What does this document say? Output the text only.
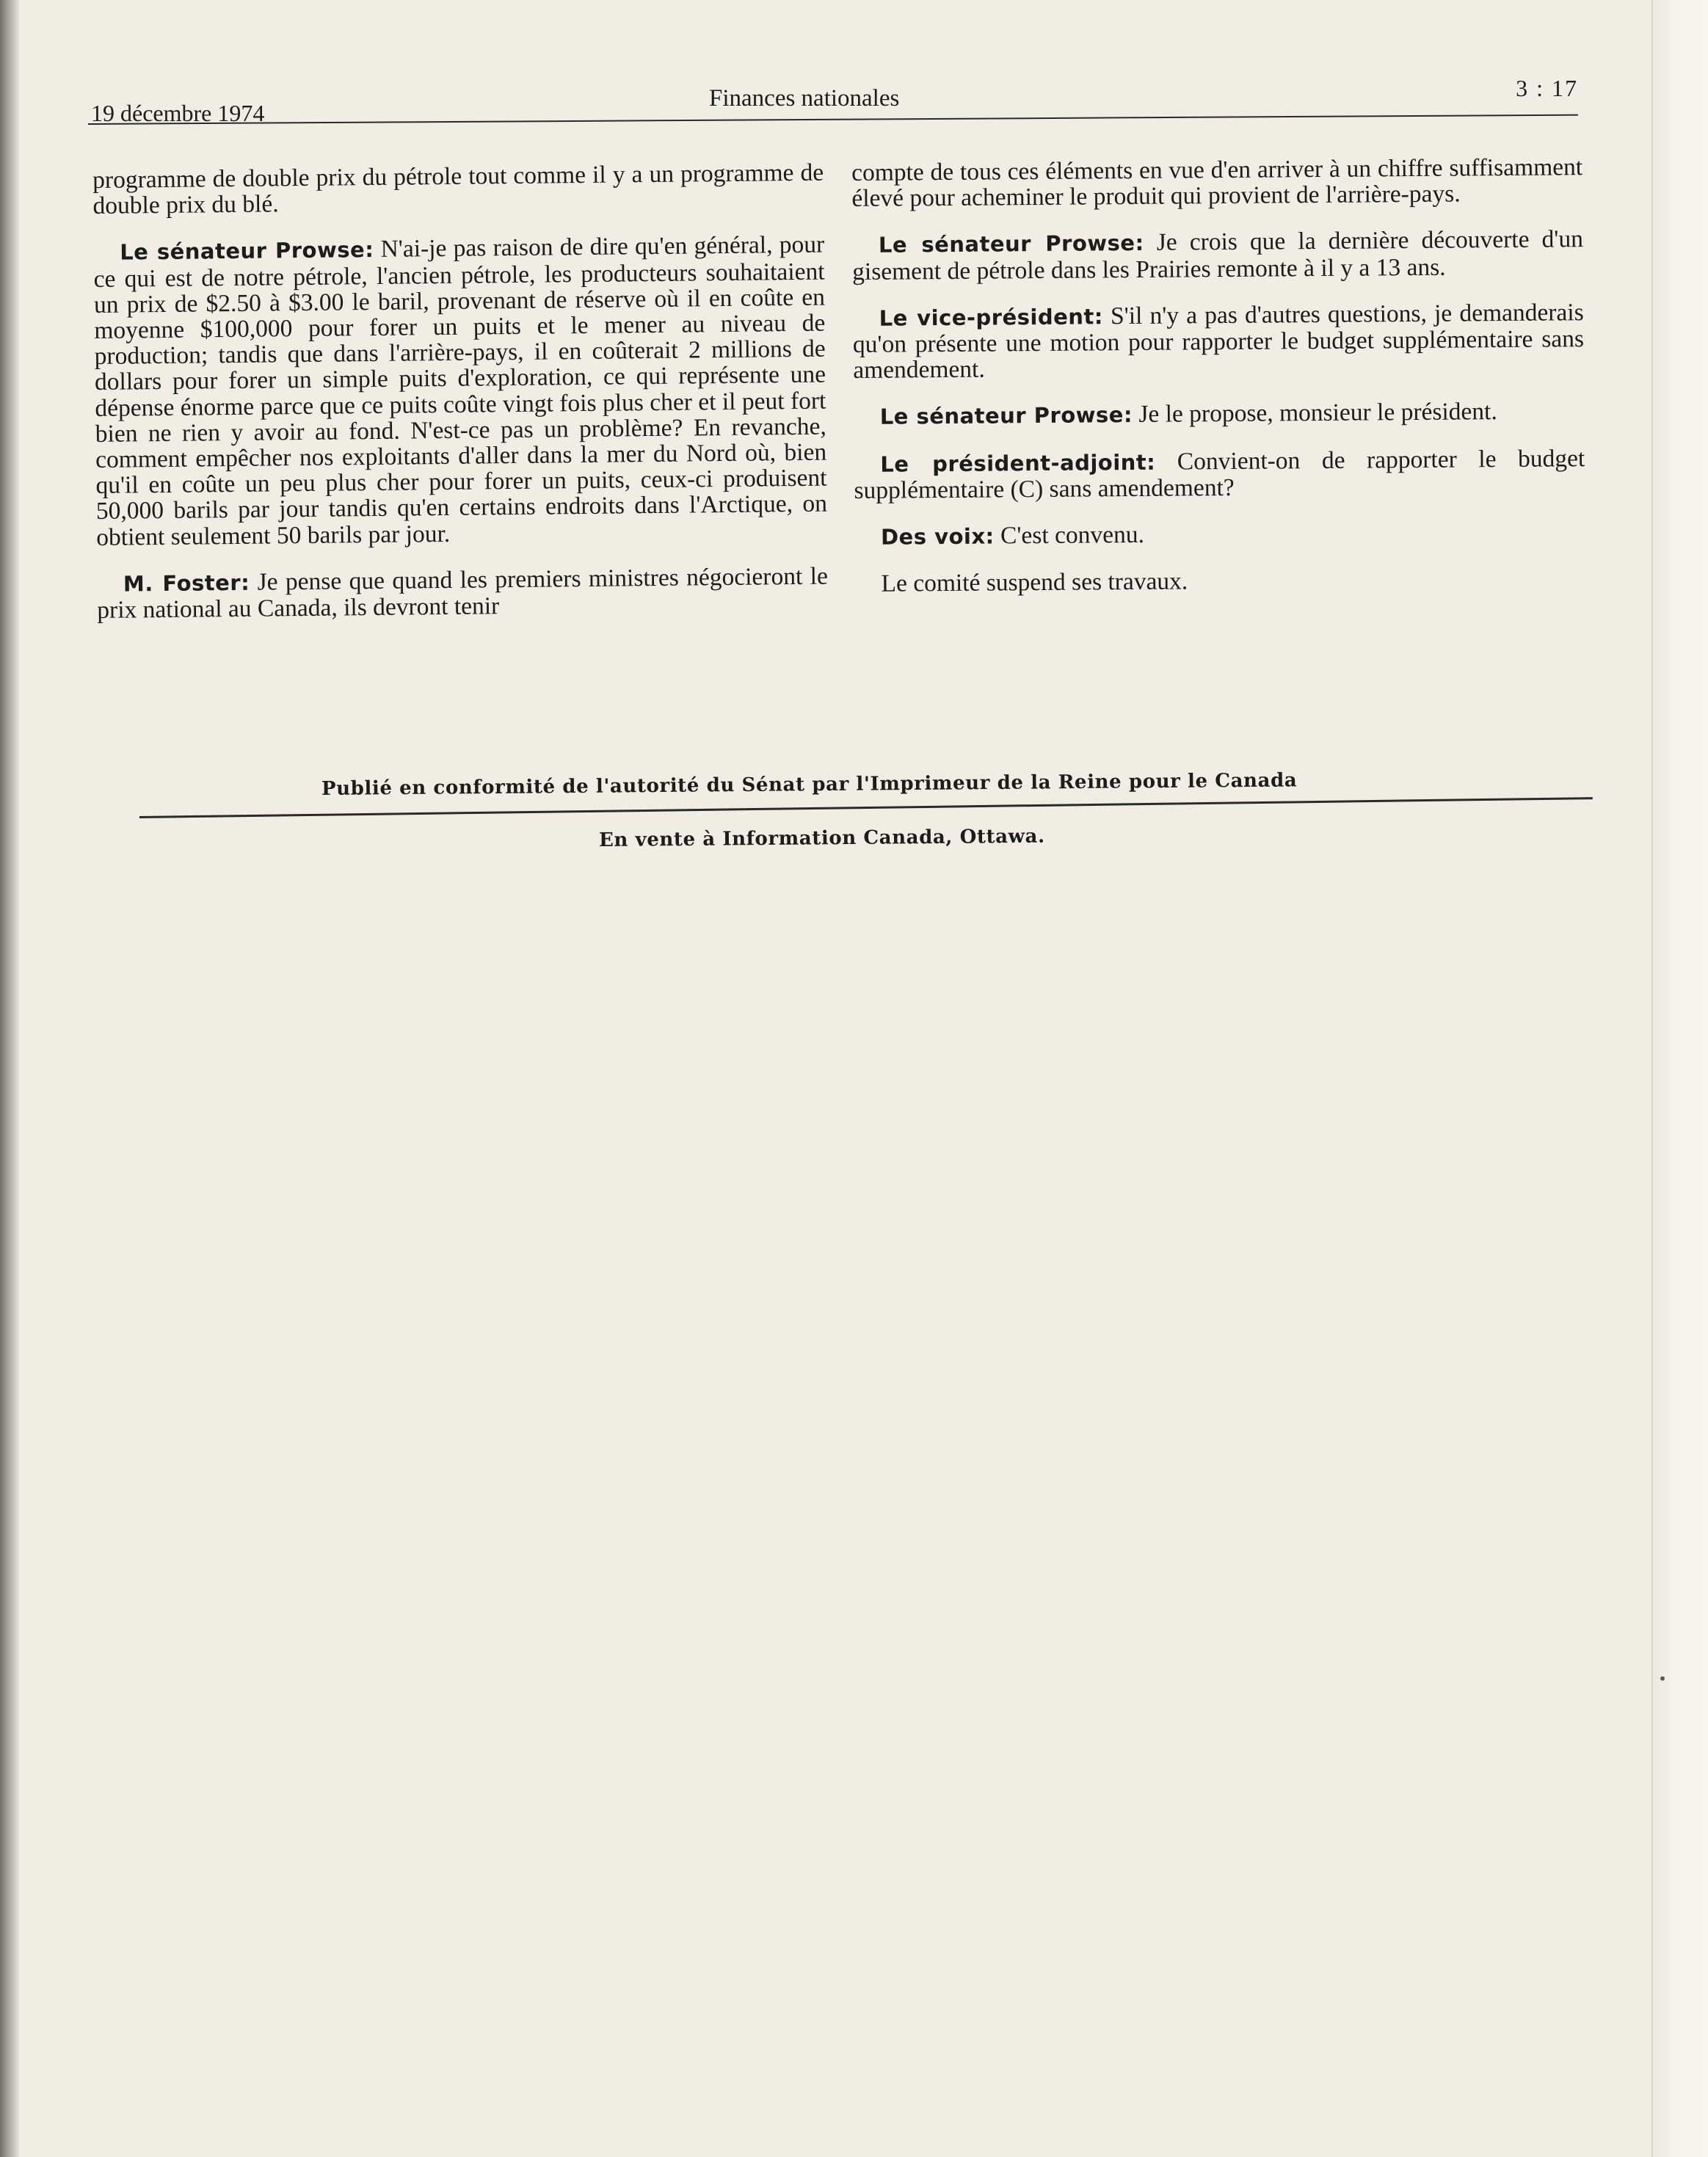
19 décembre 1974
Finances nationales	3 : 17

programme de double prix du pétrole tout comme il y a un programme de double prix du blé.

Le sénateur Prowse: N'ai-je pas raison de dire qu'en général, pour ce qui est de notre pétrole, l'ancien pétrole, les producteurs souhaitaient un prix de $2.50 à $3.00 le baril, provenant de réserve où il en coûte en moyenne $100,000 pour forer un puits et le mener au niveau de production; tandis que dans l'arrière-pays, il en coûterait 2 millions de dollars pour forer un simple puits d'exploration, ce qui représente une dépense énorme parce que ce puits coûte vingt fois plus cher et il peut fort bien ne rien y avoir au fond. N'est-ce pas un problème? En revanche, comment empêcher nos exploitants d'aller dans la mer du Nord où, bien qu'il en coûte un peu plus cher pour forer un puits, ceux-ci produisent 50,000 barils par jour tandis qu'en certains endroits dans l'Arctique, on obtient seulement 50 barils par jour.

M. Foster: Je pense que quand les premiers ministres négocieront le prix national au Canada, ils devront tenir

compte de tous ces éléments en vue d'en arriver à un chiffre suffisamment élevé pour acheminer le produit qui provient de l'arrière-pays.

Le sénateur Prowse: Je crois que la dernière découverte d'un gisement de pétrole dans les Prairies remonte à il y a 13 ans.

Le vice-président: S'il n'y a pas d'autres questions, je demanderais qu'on présente une motion pour rapporter le budget supplémentaire sans amendement.

Le sénateur Prowse: Je le propose, monsieur le président.

Le président-adjoint: Convient-on de rapporter le budget supplémentaire (C) sans amendement?

Des voix: C'est convenu.

Le comité suspend ses travaux.

Publié en conformité de l'autorité du Sénat par l'Imprimeur de la Reine pour le Canada
En vente à Information Canada, Ottawa.
